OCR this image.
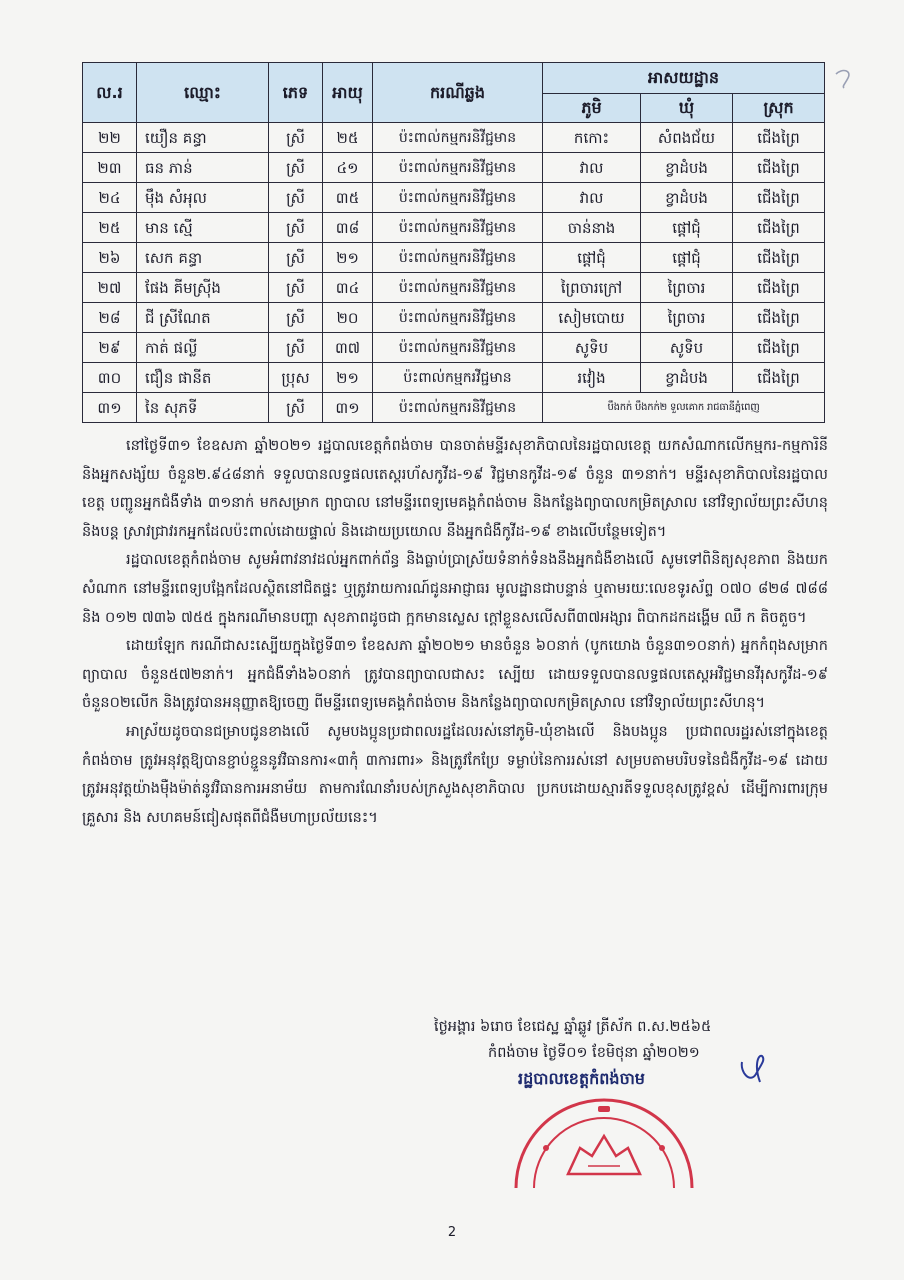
ល.រ	ឈ្មោះ	ភេទ	អាយុ	ករណីឆ្លង	អាសយដ្ឋាន		
					ភូមិ	ឃុំ	ស្រុក
២២	យឿន គន្ធា	ស្រី	២៥	ប៉ះពាល់កម្មករនិវីជ្ជមាន	កកោះ	សំពងជ័យ	ជើងព្រៃ
២៣	ធន ភាន់	ស្រី	៤១	ប៉ះពាល់កម្មករនិវីជ្ជមាន	វាល	ខ្វាដំបង	ជើងព្រៃ
២៤	ម៉ឹង សំអុល	ស្រី	៣៥	ប៉ះពាល់កម្មករនិវីជ្ជមាន	វាល	ខ្វាដំបង	ជើងព្រៃ
២៥	មាន ស្មើ	ស្រី	៣៨	ប៉ះពាល់កម្មករនិវីជ្ជមាន	ចាន់នាង	ផ្តៅជុំ	ជើងព្រៃ
២៦	សេក គន្ធា	ស្រី	២១	ប៉ះពាល់កម្មករនិវីជ្ជមាន	ផ្តៅជុំ	ផ្តៅជុំ	ជើងព្រៃ
២៧	ផែង គីមស្រ៊ីង	ស្រី	៣៤	ប៉ះពាល់កម្មករនិវីជ្ជមាន	ព្រៃចារក្រៅ	ព្រៃចារ	ជើងព្រៃ
២៨	ជី ស្រីណែត	ស្រី	២០	ប៉ះពាល់កម្មករនិវីជ្ជមាន	សៀមបោយ	ព្រៃចារ	ជើងព្រៃ
២៩	កាត់ ផល្លី	ស្រី	៣៧	ប៉ះពាល់កម្មករនិវីជ្ជមាន	សូទិប	សូទិប	ជើងព្រៃ
៣០	ជឿន ផានីត	ប្រុស	២១	ប៉ះពាល់កម្មករវីជ្ជមាន	រវៀង	ខ្វាដំបង	ជើងព្រៃ
៣១	នៃ សុភទី	ស្រី	៣១	ប៉ះពាល់កម្មករនិវីជ្ជមាន	បឹងកក់ បឹងកក់២ ទួលគោក រាជធានីភ្នំពេញ		

នៅថ្ងៃទី៣១ ខែឧសភា ឆ្នាំ២០២១ រដ្ឋបាលខេត្តកំពង់ចាម បានចាត់មន្ទីរសុខាភិបាលនៃរដ្ឋបាលខេត្ត យកសំណាកលើកម្មករ-កម្មការិនី និងអ្នកសង្ស័យ ចំនួន២.៩៤៨នាក់ ទទួលបានលទ្ធផលតេស្តរហ័សកូវីដ-១៩ វិជ្ជមានកូវីដ-១៩ ចំនួន ៣១នាក់។ មន្ទីរសុខាភិបាលនៃរដ្ឋបាលខេត្ត បញ្ជូនអ្នកជំងឺទាំង ៣១នាក់ មកសម្រាក ព្យាបាល នៅមន្ទីរពេទ្យមេគង្គកំពង់ចាម និងកន្លែងព្យាបាលកម្រិតស្រាល នៅវិទ្យាល័យព្រះសីហនុ និងបន្ត ស្រាវជ្រាវរកអ្នកដែលប៉ះពាល់ដោយផ្ទាល់ និងដោយប្រយោល នឹងអ្នកជំងឺកូវីដ-១៩ ខាងលើបន្ថែមទៀត។

រដ្ឋបាលខេត្តកំពង់ចាម សូមអំពាវនាវដល់អ្នកពាក់ព័ន្ធ និងធ្លាប់ប្រាស្រ័យទំនាក់ទំនងនឹងអ្នកជំងឺខាងលើ សូមទៅពិនិត្យសុខភាព និងយកសំណាក នៅមន្ទីរពេទ្យបង្អែកដែលស្ថិតនៅជិតផ្ទះ ឬត្រូវរាយការណ៍ជូនអាជ្ញាធរ មូលដ្ឋានជាបន្ទាន់ ឬតាមរយៈលេខទូរស័ព្ទ ០៧០ ៨២៨ ៧៨៨ និង ០១២ ៧៣៦ ៧៥៥ ក្នុងករណីមានបញ្ហា សុខភាពដូចជា ក្អកមានស្លេស ក្តៅខ្លួនសលើសពី៣៧អង្សារ ពិបាកដកដង្ហើម ឈឺ ក តិចតួច។

ដោយឡែក ករណីជាសះស្បើយក្នុងថ្ងៃទី៣១ ខែឧសភា ឆ្នាំ២០២១ មានចំនួន ៦០នាក់ (បូកយោង ចំនួន៣១០នាក់) អ្នកកំពុងសម្រាកព្យាបាល ចំនួន៥៧២នាក់។ អ្នកជំងឺទាំង៦០នាក់ ត្រូវបានព្យាបាលជាសះ ស្បើយ ដោយទទួលបានលទ្ធផលតេស្តអវិជ្ជមានវីរុសកូវីដ-១៩ ចំនួន០២លើក និងត្រូវបានអនុញ្ញាតឱ្យចេញ ពីមន្ទីរពេទ្យមេគង្គកំពង់ចាម និងកន្លែងព្យាបាលកម្រិតស្រាល នៅវិទ្យាល័យព្រះសីហនុ។

អាស្រ័យដូចបានជម្រាបជូនខាងលើ សូមបងប្អូនប្រជាពលរដ្ឋដែលរស់នៅភូមិ-ឃុំខាងលើ និងបងប្អូន ប្រជាពលរដ្ឋរស់នៅក្នុងខេត្តកំពង់ចាម ត្រូវអនុវត្តឱ្យបានខ្ជាប់ខ្ជួននូវវិធានការ«៣កុំ ៣ការពារ» និងត្រូវកែប្រែ ទម្លាប់នៃការរស់នៅ សម្របតាមបរិបទនៃជំងឺកូវីដ-១៩ ដោយត្រូវអនុវត្តយ៉ាងម៉ឺងម៉ាត់នូវវិធានការអនាម័យ តាមការណែនាំរបស់ក្រសួងសុខាភិបាល ប្រកបដោយស្មារតីទទួលខុសត្រូវខ្ពស់ ដើម្បីការពារក្រុមគ្រួសារ និង សហគមន៍ជៀសផុតពីជំងឺមហាប្រល័យនេះ។

ថ្ងៃអង្គារ ៦រោច ខែជេស្ឋ ឆ្នាំឆ្លូវ ត្រីស័ក ព.ស.២៥៦៥
កំពង់ចាម ថ្ងៃទី០១ ខែមិថុនា ឆ្នាំ២០២១
រដ្ឋបាលខេត្តកំពង់ចាម
2
